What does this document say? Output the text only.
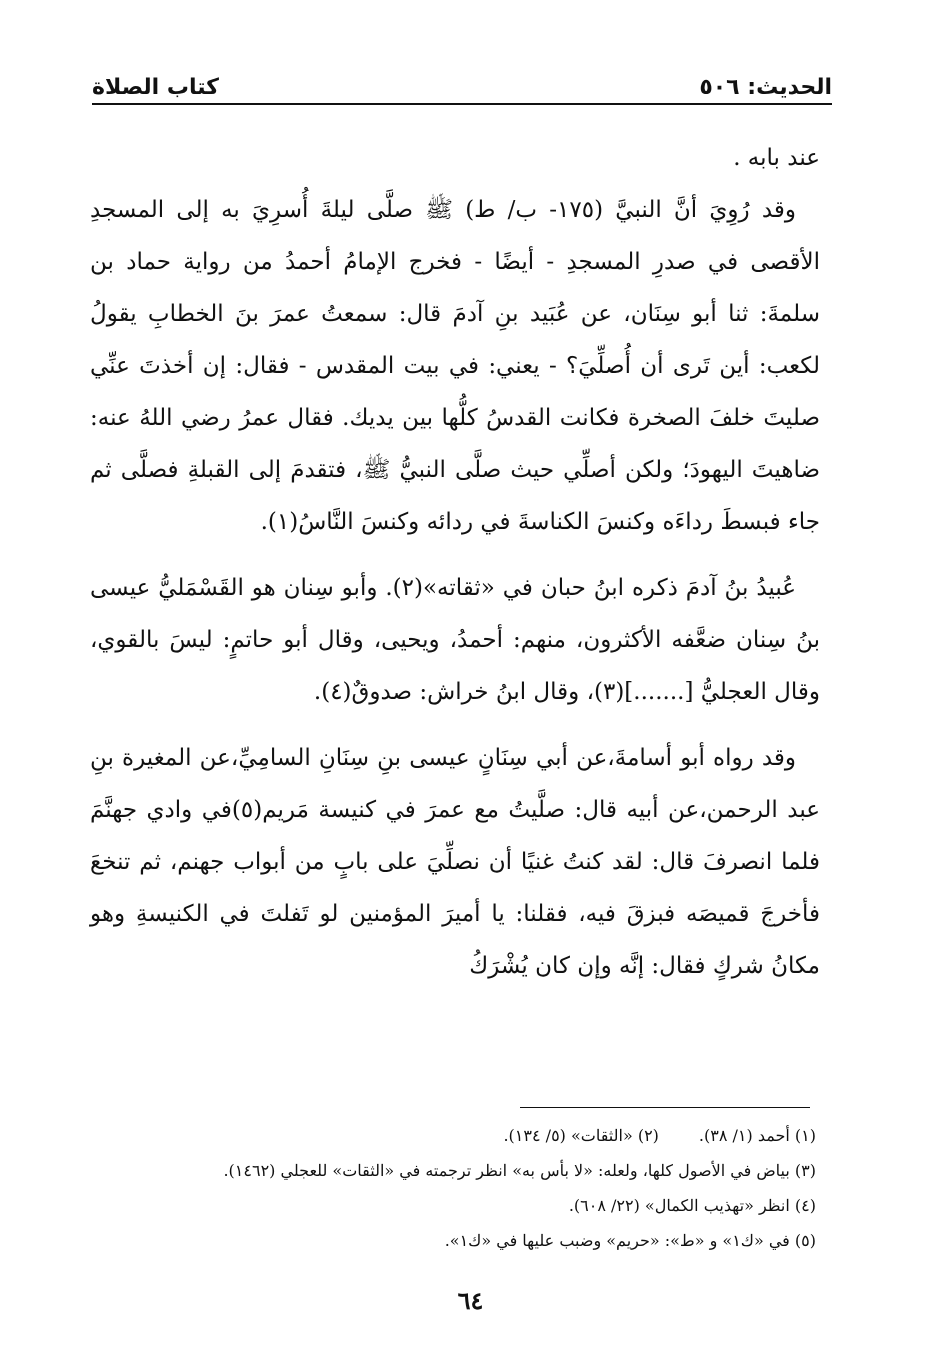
الحديث: ٥٠٦
كتاب الصلاة

عند بابه .

وقد رُوِيَ أنَّ النبيَّ (١٧٥- ب/ ط) ﷺ صلَّى ليلةَ أُسرِيَ به إلى المسجدِ الأقصى في صدرِ المسجدِ - أيضًا - فخرج الإمامُ أحمدُ من رواية حماد بن سلمةَ: ثنا أبو سِنَان، عن عُبَيد بنِ آدمَ قال: سمعتُ عمرَ بنَ الخطابِ يقولُ لكعب: أين تَرى أن أُصلِّيَ؟ - يعني: في بيت المقدس - فقال: إن أخذتَ عنِّي صليتَ خلفَ الصخرة فكانت القدسُ كلُّها بين يديك. فقال عمرُ رضي اللهُ عنه: ضاهيتَ اليهودَ؛ ولكن أصلِّي حيث صلَّى النبيُّ ﷺ، فتقدمَ إلى القبلةِ فصلَّى ثم جاء فبسطَ رداءَه وكنسَ الكناسةَ في ردائه وكنسَ النَّاسُ(١).

عُبيدُ بنُ آدمَ ذكره ابنُ حبان في «ثقاته»(٢). وأبو سِنان هو القَسْمَليُّ عيسى بنُ سِنان ضعَّفه الأكثرون، منهم: أحمدُ، ويحيى، وقال أبو حاتمٍ: ليسَ بالقوي، وقال العجليُّ [.......](٣)، وقال ابنُ خراش: صدوقٌ(٤).

وقد رواه أبو أسامةَ،عن أبي سِنَانٍ عيسى بنِ سِنَانِ السامِيِّ،عن المغيرة بنِ عبد الرحمن،عن أبيه قال: صلَّيتُ مع عمرَ في كنيسة مَريم(٥)في وادي جهنَّمَ فلما انصرفَ قال: لقد كنتُ غنيًا أن نصلِّيَ على بابٍ من أبواب جهنم، ثم تنخعَ فأخرجَ قميصَه فبزقَ فيه، فقلنا: يا أميرَ المؤمنين لو تَفلتَ في الكنيسةِ وهو مكانُ شركٍ فقال: إنَّه وإن كان يُشْرَكُ

(١) أحمد (١/ ٣٨).
(٢) «الثقات» (٥/ ١٣٤).

(٣) بياض في الأصول كلها، ولعله: «لا بأس به» انظر ترجمته في «الثقات» للعجلي (١٤٦٢).

(٤) انظر «تهذيب الكمال» (٢٢/ ٦٠٨).

(٥) في «ك١» و «ط»: «حريم» وضبب عليها في «ك١».

٦٤
